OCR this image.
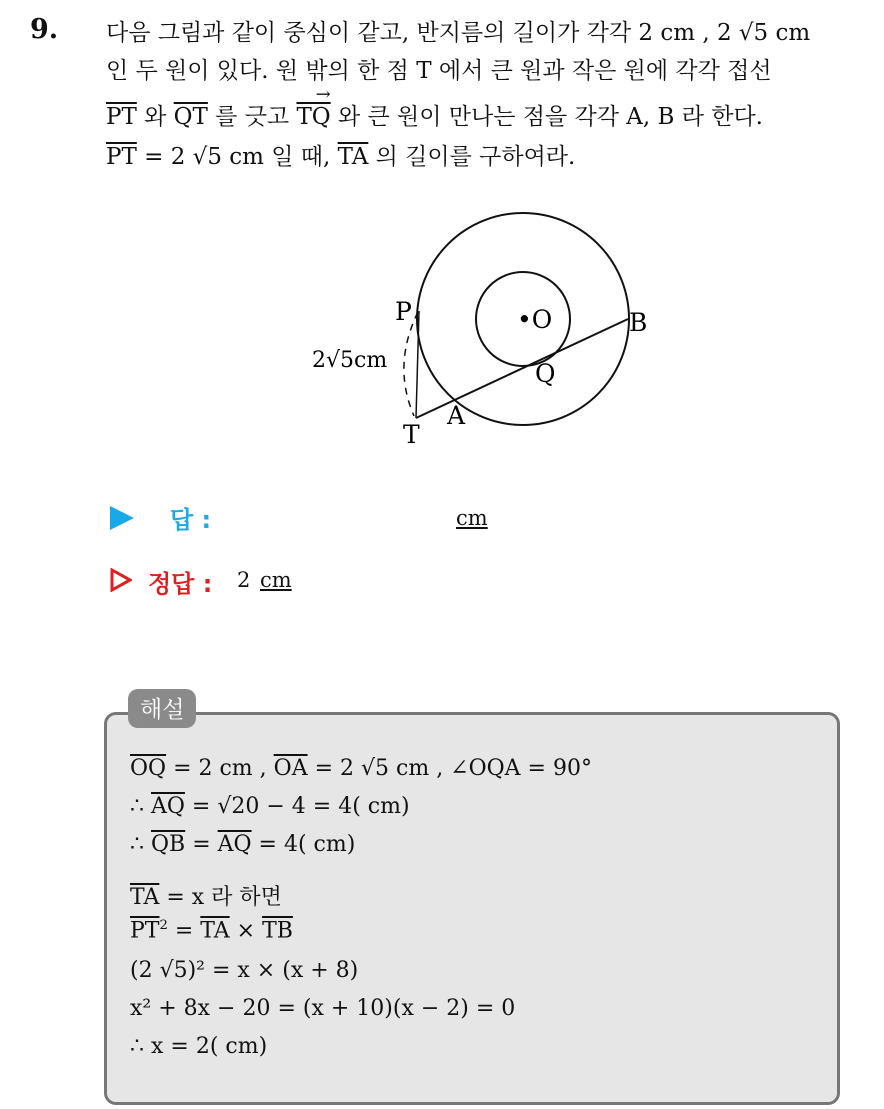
9. 다음 그림과 같이 중심이 같고, 반지름의 길이가 각각 2 cm , 2 √5 cm
인 두 원이 있다. 원 밖의 한 점 T 에서 큰 원과 작은 원에 각각 접선
$\overline{PT}$ 와 $\overline{QT}$ 를 긋고
→
$\overline{TQ}$ 와 큰 원이 만나는 점을 각각 A, B 라 한다.
$\overline{PT} = 2$ √5 cm 일 때, $\overline{TA}$ 의 길이를 구하여라.
P	•O	B
Q
A
T
2√5cm
답 :	cm
정답 : 2 cm
해설
$\overline{OQ} = 2$ cm , $\overline{OA} = 2$ √5 cm , ∠OQA = 90°
∴ $\overline{AQ} = √20 - 4 = 4$( cm)
∴ $\overline{QB} = \overline{AQ} = 4$( cm)
$\overline{TA} = x$ 라 하면
$\overline{PT}^2 = \overline{TA} \times \overline{TB}$
(2 √5)² = x × (x + 8)
x² + 8x − 20 = (x + 10)(x − 2) = 0
∴ x = 2( cm)
